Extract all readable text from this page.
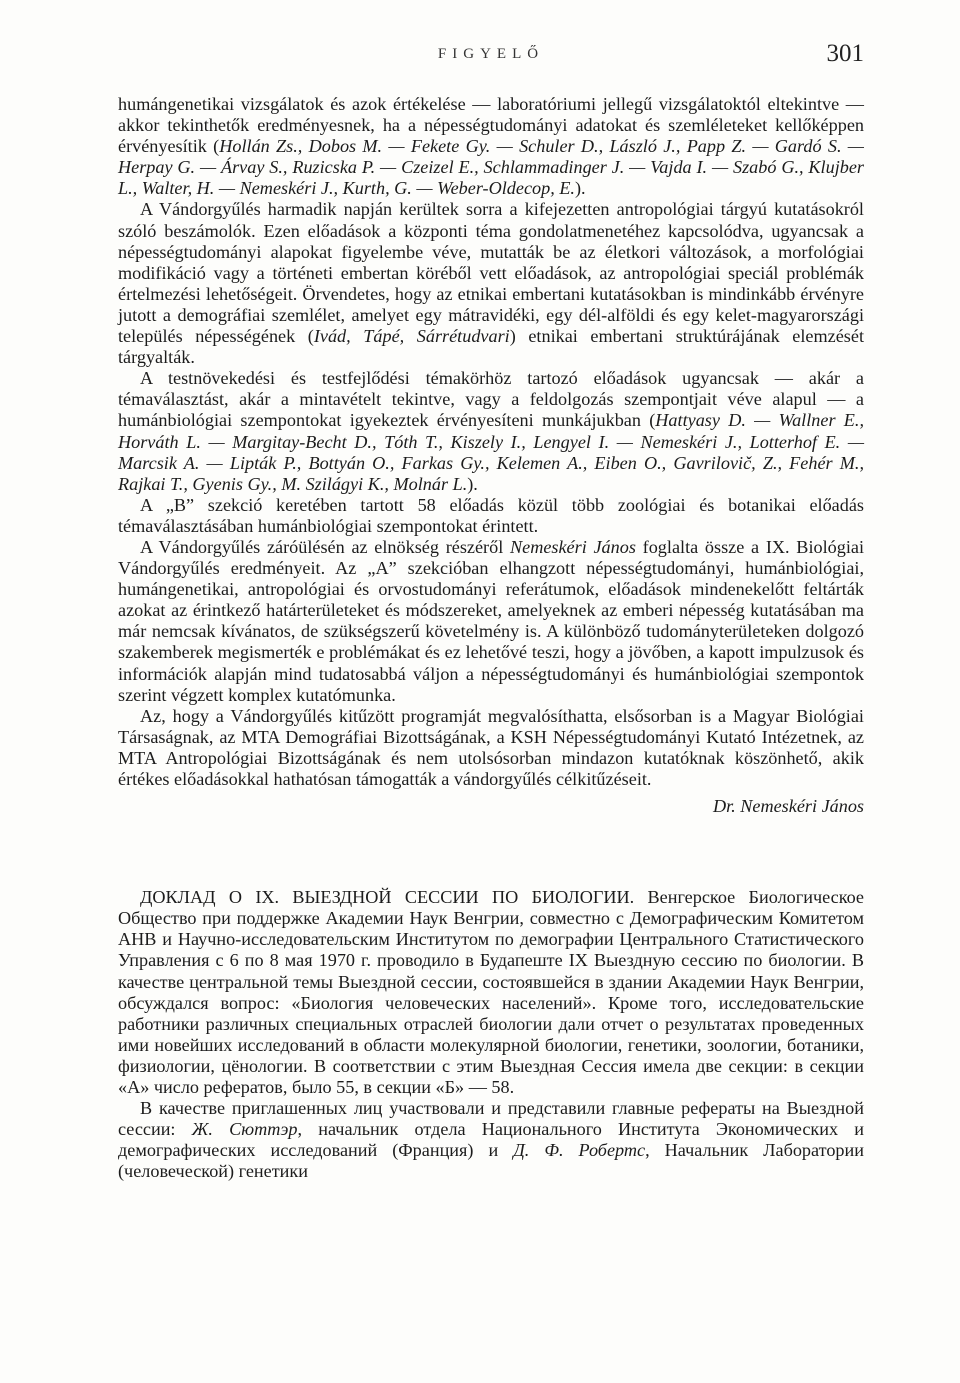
FIGYELŐ	301

humángenetikai vizsgálatok és azok értékelése — laboratóriumi jellegű vizsgálatoktól eltekintve — akkor tekinthetők eredményesnek, ha a népességtudományi adatokat és szemléleteket kellőképpen érvényesítik (Hollán Zs., Dobos M. — Fekete Gy. — Schuler D., László J., Papp Z. — Gardó S. — Herpay G. — Árvay S., Ruzicska P. — Czeizel E., Schlammadinger J. — Vajda I. — Szabó G., Klujber L., Walter, H. — Nemeskéri J., Kurth, G. — Weber-Oldecop, E.).

A Vándorgyűlés harmadik napján kerültek sorra a kifejezetten antropológiai tárgyú kutatásokról szóló beszámolók. Ezen előadások a központi téma gondolatmenetéhez kapcsolódva, ugyancsak a népességtudományi alapokat figyelembe véve, mutatták be az életkori változások, a morfológiai modifikáció vagy a történeti embertan köréből vett előadások, az antropológiai speciál problémák értelmezési lehetőségeit. Örvendetes, hogy az etnikai embertani kutatásokban is mindinkább érvényre jutott a demográfiai szemlélet, amelyet egy mátravidéki, egy dél-alföldi és egy kelet-magyarországi település népességének (Ivád, Tápé, Sárrétudvari) etnikai embertani struktúrájának elemzését tárgyalták.

A testnövekedési és testfejlődési témakörhöz tartozó előadások ugyancsak — akár a témaválasztást, akár a mintavételt tekintve, vagy a feldolgozás szempontjait véve alapul — a humánbiológiai szempontokat igyekeztek érvényesíteni munkájukban (Hattyasy D. — Wallner E., Horváth L. — Margitay-Becht D., Tóth T., Kiszely I., Lengyel I. — Nemeskéri J., Lotterhof E. — Marcsik A. — Lipták P., Bottyán O., Farkas Gy., Kelemen A., Eiben O., Gavrilovič, Z., Fehér M., Rajkai T., Gyenis Gy., M. Szilágyi K., Molnár L.).

A „B” szekció keretében tartott 58 előadás közül több zoológiai és botanikai előadás témaválasztásában humánbiológiai szempontokat érintett.

A Vándorgyűlés záróülésén az elnökség részéről Nemeskéri János foglalta össze a IX. Biológiai Vándorgyűlés eredményeit. Az „A” szekcióban elhangzott népességtudományi, humánbiológiai, humángenetikai, antropológiai és orvostudományi referátumok, előadások mindenekelőtt feltárták azokat az érintkező határterületeket és módszereket, amelyeknek az emberi népesség kutatásában ma már nemcsak kívánatos, de szükségszerű követelmény is. A különböző tudományterületeken dolgozó szakemberek megismerték e problémákat és ez lehetővé teszi, hogy a jövőben, a kapott impulzusok és információk alapján mind tudatosabbá váljon a népességtudományi és humánbiológiai szempontok szerint végzett komplex kutatómunka.

Az, hogy a Vándorgyűlés kitűzött programját megvalósíthatta, elsősorban is a Magyar Biológiai Társaságnak, az MTA Demográfiai Bizottságának, a KSH Népességtudományi Kutató Intézetnek, az MTA Antropológiai Bizottságának és nem utolsósorban mindazon kutatóknak köszönhető, akik értékes előadásokkal hathatósan támogatták a vándorgyűlés célkitűzéseit.

Dr. Nemeskéri János

ДОКЛАД О IX. ВЫЕЗДНОЙ СЕССИИ ПО БИОЛОГИИ. Венгерское Биологическое Общество при поддержке Академии Наук Венгрии, совместно с Демографическим Комитетом АНВ и Научно-исследовательским Институтом по демографии Центрального Статистического Управления с 6 по 8 мая 1970 г. проводило в Будапеште IX Выездную сессию по биологии. В качестве центральной темы Выездной сессии, состоявшейся в здании Академии Наук Венгрии, обсуждался вопрос: «Биология человеческих населений». Кроме того, исследовательские работники различных специальных отраслей биологии дали отчет о результатах проведенных ими новейших исследований в области молекулярной биологии, генетики, зоологии, ботаники, физиологии, цёнологии. В соответствии с этим Выездная Сессия имела две секции: в секции «А» число рефератов, было 55, в секции «Б» — 58.

В качестве приглашенных лиц участвовали и представили главные рефераты на Выездной сессии: Ж. Сюттэр, начальник отдела Национального Института Экономических и демографических исследований (Франция) и Д. Ф. Робертс, Начальник Лаборатории (человеческой) генетики
